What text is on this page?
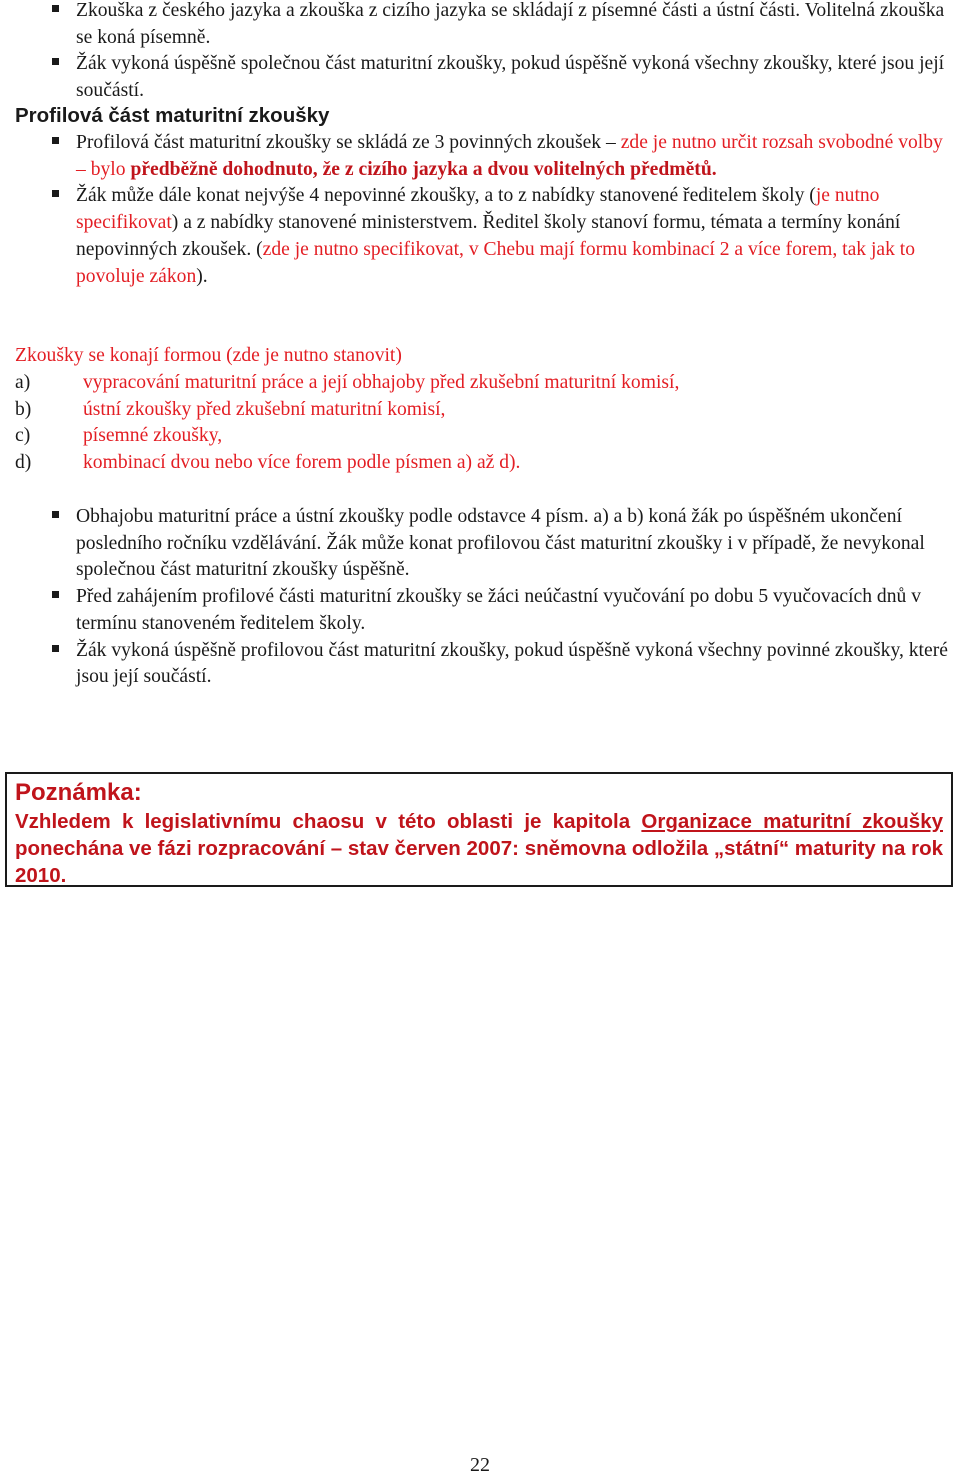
Zkouška z českého jazyka a zkouška z cizího jazyka se skládají z písemné části a ústní části. Volitelná zkouška se koná písemně.
Žák vykoná úspěšně společnou část maturitní zkoušky, pokud úspěšně vykoná všechny zkoušky, které jsou její součástí.
Profilová část maturitní zkoušky
Profilová část maturitní zkoušky se skládá ze 3 povinných zkoušek – zde je nutno určit rozsah svobodné volby – bylo předběžně dohodnuto, že z cizího jazyka a dvou volitelných předmětů.
Žák může dále konat nejvýše 4 nepovinné zkoušky, a to z nabídky stanovené ředitelem školy (je nutno specifikovat) a z nabídky stanovené ministerstvem. Ředitel školy stanoví formu, témata a termíny konání nepovinných zkoušek. (zde je nutno specifikovat, v Chebu mají formu kombinací 2 a více forem, tak jak to povoluje zákon).

Zkoušky se konají formou (zde je nutno stanovit)

a)	vypracování maturitní práce a její obhajoby před zkušební maturitní komisí,
b)	ústní zkoušky před zkušební maturitní komisí,
c)	písemné zkoušky,
d)	kombinací dvou nebo více forem podle písmen a) až d).
Obhajobu maturitní práce a ústní zkoušky podle odstavce 4 písm. a) a b) koná žák po úspěšném ukončení posledního ročníku vzdělávání. Žák může konat profilovou část maturitní zkoušky i v případě, že nevykonal společnou část maturitní zkoušky úspěšně.
Před zahájením profilové části maturitní zkoušky se žáci neúčastní vyučování po dobu 5 vyučovacích dnů v termínu stanoveném ředitelem školy.
Žák vykoná úspěšně profilovou část maturitní zkoušky, pokud úspěšně vykoná všechny povinné zkoušky, které jsou její součástí.

Poznámka:

Vzhledem k legislativnímu chaosu v této oblasti je kapitola Organizace maturitní zkoušky ponechána ve fázi rozpracování – stav červen 2007: sněmovna odložila „státní“ maturity na rok 2010.

22
